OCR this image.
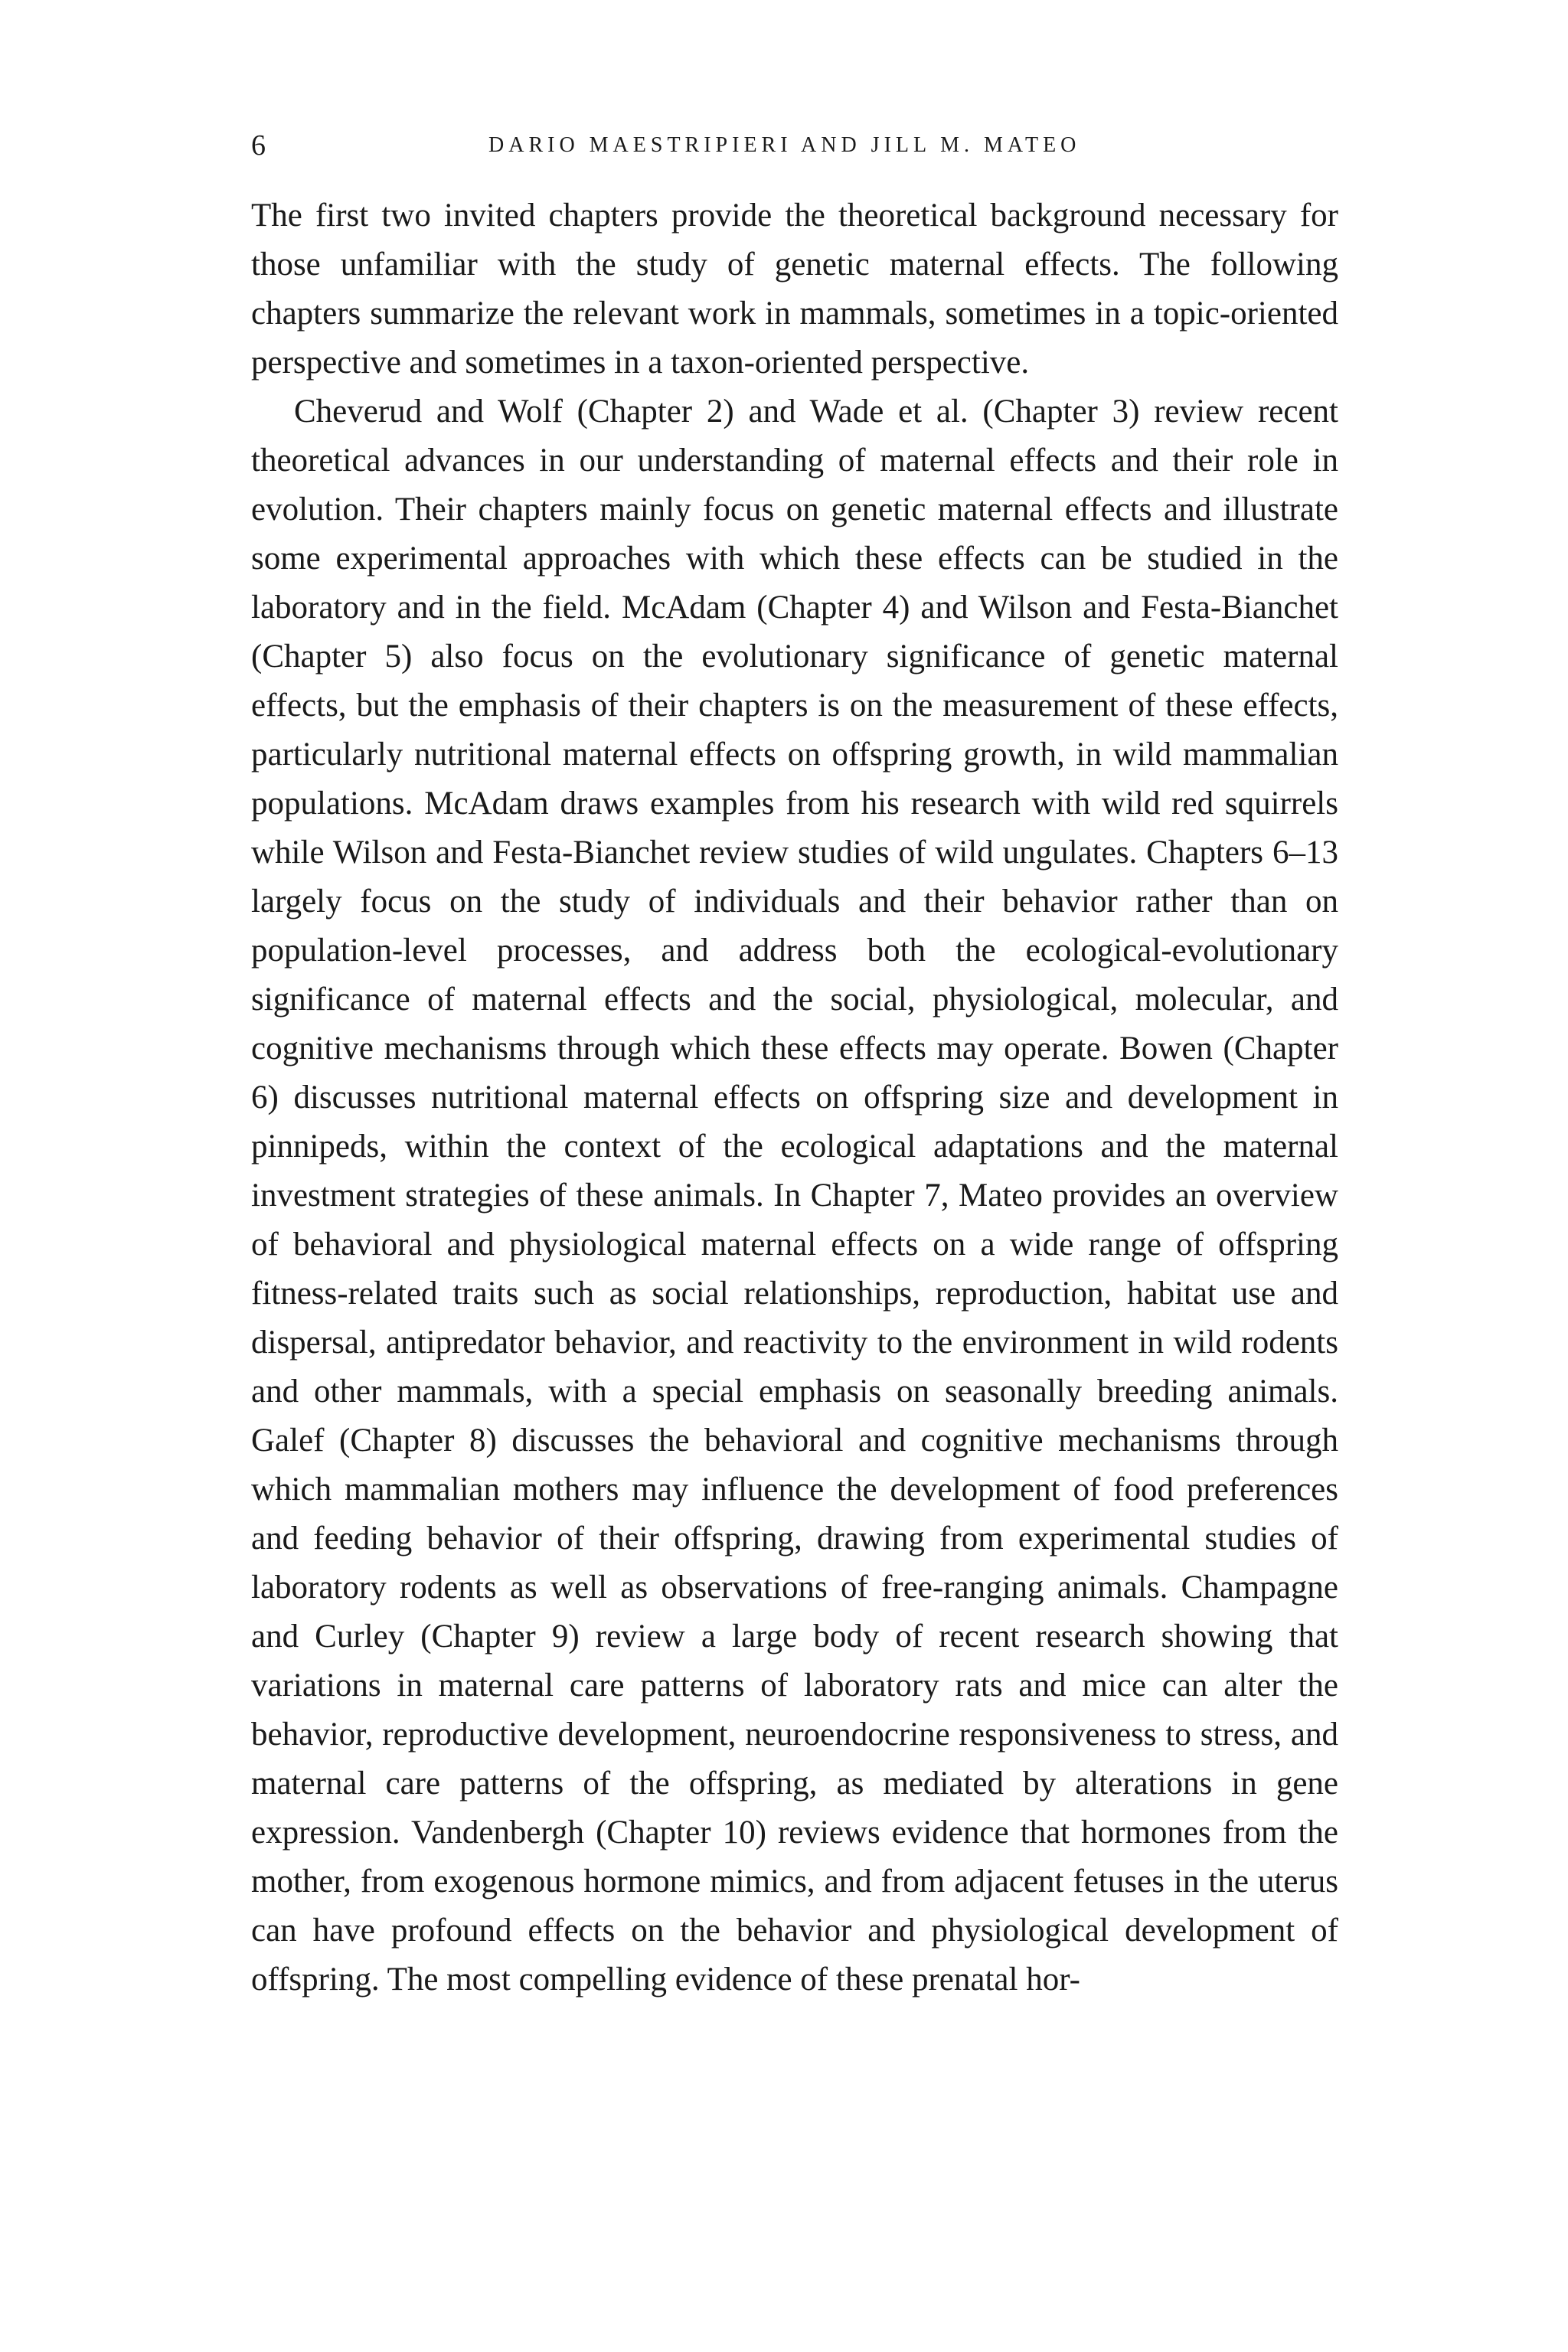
6	DARIO MAESTRIPIERI AND JILL M. MATEO

The first two invited chapters provide the theoretical background necessary for those unfamiliar with the study of genetic maternal effects. The following chapters summarize the relevant work in mammals, sometimes in a topic-oriented perspective and sometimes in a taxon-oriented perspective.

Cheverud and Wolf (Chapter 2) and Wade et al. (Chapter 3) review recent theoretical advances in our understanding of maternal effects and their role in evolution. Their chapters mainly focus on genetic maternal effects and illustrate some experimental approaches with which these effects can be studied in the laboratory and in the field. McAdam (Chapter 4) and Wilson and Festa-Bianchet (Chapter 5) also focus on the evolutionary significance of genetic maternal effects, but the emphasis of their chapters is on the measurement of these effects, particularly nutritional maternal effects on offspring growth, in wild mammalian populations. McAdam draws examples from his research with wild red squirrels while Wilson and Festa-Bianchet review studies of wild ungulates. Chapters 6–13 largely focus on the study of individuals and their behavior rather than on population-level processes, and address both the ecological-evolutionary significance of maternal effects and the social, physiological, molecular, and cognitive mechanisms through which these effects may operate. Bowen (Chapter 6) discusses nutritional maternal effects on offspring size and development in pinnipeds, within the context of the ecological adaptations and the maternal investment strategies of these animals. In Chapter 7, Mateo provides an overview of behavioral and physiological maternal effects on a wide range of offspring fitness-related traits such as social relationships, reproduction, habitat use and dispersal, antipredator behavior, and reactivity to the environment in wild rodents and other mammals, with a special emphasis on seasonally breeding animals. Galef (Chapter 8) discusses the behavioral and cognitive mechanisms through which mammalian mothers may influence the development of food preferences and feeding behavior of their offspring, drawing from experimental studies of laboratory rodents as well as observations of free-ranging animals. Champagne and Curley (Chapter 9) review a large body of recent research showing that variations in maternal care patterns of laboratory rats and mice can alter the behavior, reproductive development, neuroendocrine responsiveness to stress, and maternal care patterns of the offspring, as mediated by alterations in gene expression. Vandenbergh (Chapter 10) reviews evidence that hormones from the mother, from exogenous hormone mimics, and from adjacent fetuses in the uterus can have profound effects on the behavior and physiological development of offspring. The most compelling evidence of these prenatal hor-
